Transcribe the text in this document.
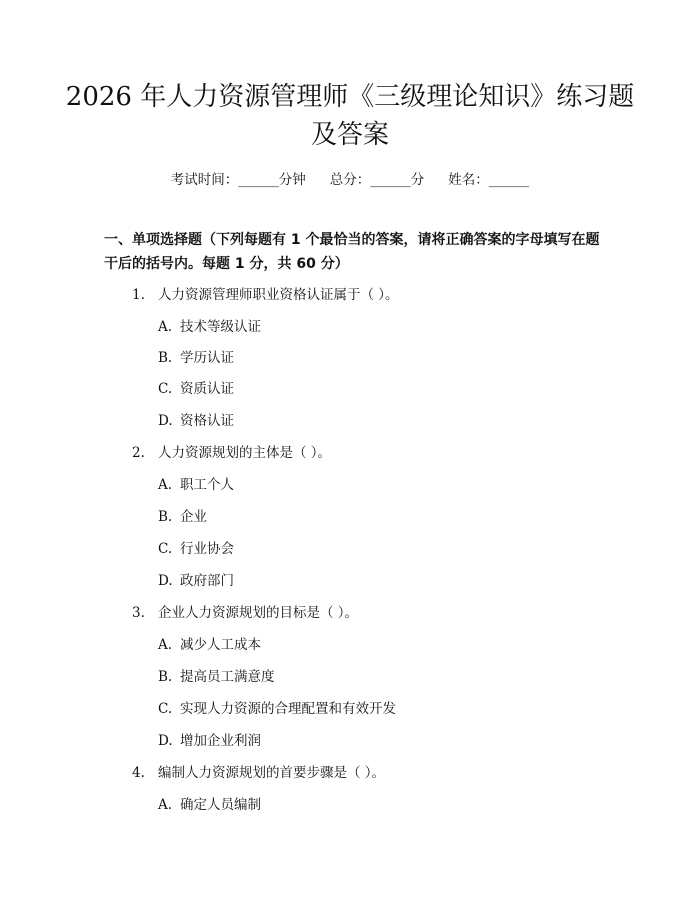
2026 年人力资源管理师《三级理论知识》练习题及答案
考试时间：______分钟 总分：______分 姓名：______
一、单项选择题（下列每题有 1 个最恰当的答案，请将正确答案的字母填写在题干后的括号内。每题 1 分，共 60 分）
1. 人力资源管理师职业资格认证属于（ ）。
A. 技术等级认证
B. 学历认证
C. 资质认证
D. 资格认证
2. 人力资源规划的主体是（ ）。
A. 职工个人
B. 企业
C. 行业协会
D. 政府部门
3. 企业人力资源规划的目标是（ ）。
A. 减少人工成本
B. 提高员工满意度
C. 实现人力资源的合理配置和有效开发
D. 增加企业利润
4. 编制人力资源规划的首要步骤是（ ）。
A. 确定人员编制
